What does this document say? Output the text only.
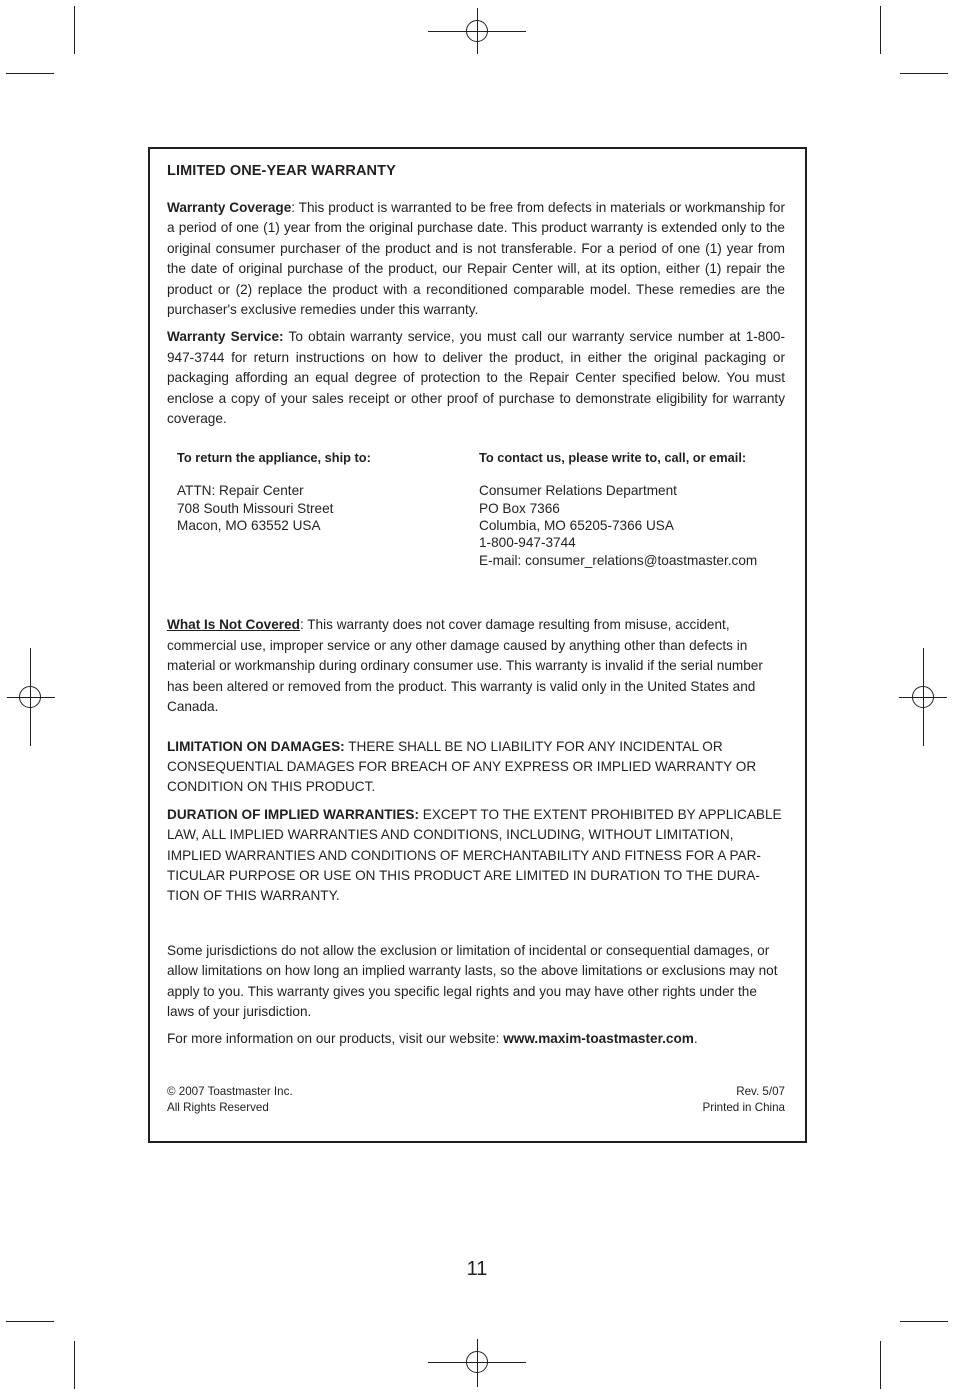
LIMITED ONE-YEAR WARRANTY

Warranty Coverage: This product is warranted to be free from defects in materials or workmanship for a period of one (1) year from the original purchase date. This product warranty is extended only to the original consumer purchaser of the product and is not transferable. For a period of one (1) year from the date of original purchase of the product, our Repair Center will, at its option, either (1) repair the product or (2) replace the product with a reconditioned comparable model. These remedies are the purchaser's exclusive remedies under this warranty.

Warranty Service: To obtain warranty service, you must call our warranty service number at 1-800-947-3744 for return instructions on how to deliver the product, in either the original packaging or packaging affording an equal degree of protection to the Repair Center specified below. You must enclose a copy of your sales receipt or other proof of purchase to demonstrate eligibility for warranty coverage.

To return the appliance, ship to:
ATTN: Repair Center
708 South Missouri Street
Macon, MO 63552 USA
To contact us, please write to, call, or email:
Consumer Relations Department
PO Box 7366
Columbia, MO 65205-7366 USA
1-800-947-3744
E-mail: consumer_relations@toastmaster.com

What Is Not Covered: This warranty does not cover damage resulting from misuse, accident, commercial use, improper service or any other damage caused by anything other than defects in material or workmanship during ordinary consumer use. This warranty is invalid if the serial number has been altered or removed from the product. This warranty is valid only in the United States and Canada.

LIMITATION ON DAMAGES: THERE SHALL BE NO LIABILITY FOR ANY INCIDENTAL OR CONSEQUENTIAL DAMAGES FOR BREACH OF ANY EXPRESS OR IMPLIED WARRANTY OR CONDITION ON THIS PRODUCT.

DURATION OF IMPLIED WARRANTIES: EXCEPT TO THE EXTENT PROHIBITED BY APPLICABLE LAW, ALL IMPLIED WARRANTIES AND CONDITIONS, INCLUDING, WITHOUT LIMITATION, IMPLIED WARRANTIES AND CONDITIONS OF MERCHANTABILITY AND FITNESS FOR A PARTICULAR PURPOSE OR USE ON THIS PRODUCT ARE LIMITED IN DURATION TO THE DURATION OF THIS WARRANTY.

Some jurisdictions do not allow the exclusion or limitation of incidental or consequential damages, or allow limitations on how long an implied warranty lasts, so the above limitations or exclusions may not apply to you. This warranty gives you specific legal rights and you may have other rights under the laws of your jurisdiction.

For more information on our products, visit our website: www.maxim-toastmaster.com.

© 2007 Toastmaster Inc.
All Rights Reserved
Rev. 5/07
Printed in China
11
